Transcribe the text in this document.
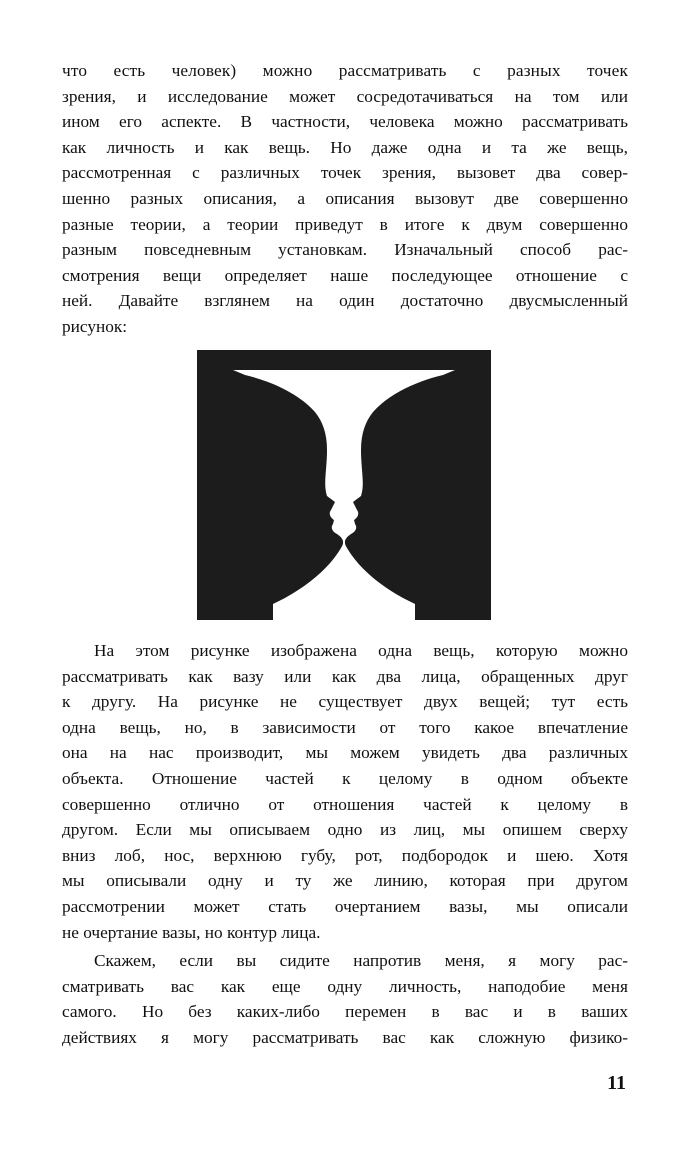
что есть человек) можно рассматривать с разных точек
зрения, и исследование может сосредотачиваться на том или
ином его аспекте. В частности, человека можно рассматривать
как личность и как вещь. Но даже одна и та же вещь,
рассмотренная с различных точек зрения, вызовет два совер-
шенно разных описания, а описания вызовут две совершенно
разные теории, а теории приведут в итоге к двум совершенно
разным повседневным установкам. Изначальный способ рас-
смотрения вещи определяет наше последующее отношение с
ней. Давайте взглянем на один достаточно двусмысленный
рисунок:

На этом рисунке изображена одна вещь, которую можно
рассматривать как вазу или как два лица, обращенных друг
к другу. На рисунке не существует двух вещей; тут есть
одна вещь, но, в зависимости от того какое впечатление
она на нас производит, мы можем увидеть два различных
объекта. Отношение частей к целому в одном объекте
совершенно отлично от отношения частей к целому в
другом. Если мы описываем одно из лиц, мы опишем сверху
вниз лоб, нос, верхнюю губу, рот, подбородок и шею. Хотя
мы описывали одну и ту же линию, которая при другом
рассмотрении может стать очертанием вазы, мы описали
не очертание вазы, но контур лица.

Скажем, если вы сидите напротив меня, я могу рас-
сматривать вас как еще одну личность, наподобие меня
самого. Но без каких-либо перемен в вас и в ваших
действиях я могу рассматривать вас как сложную физико-

11
